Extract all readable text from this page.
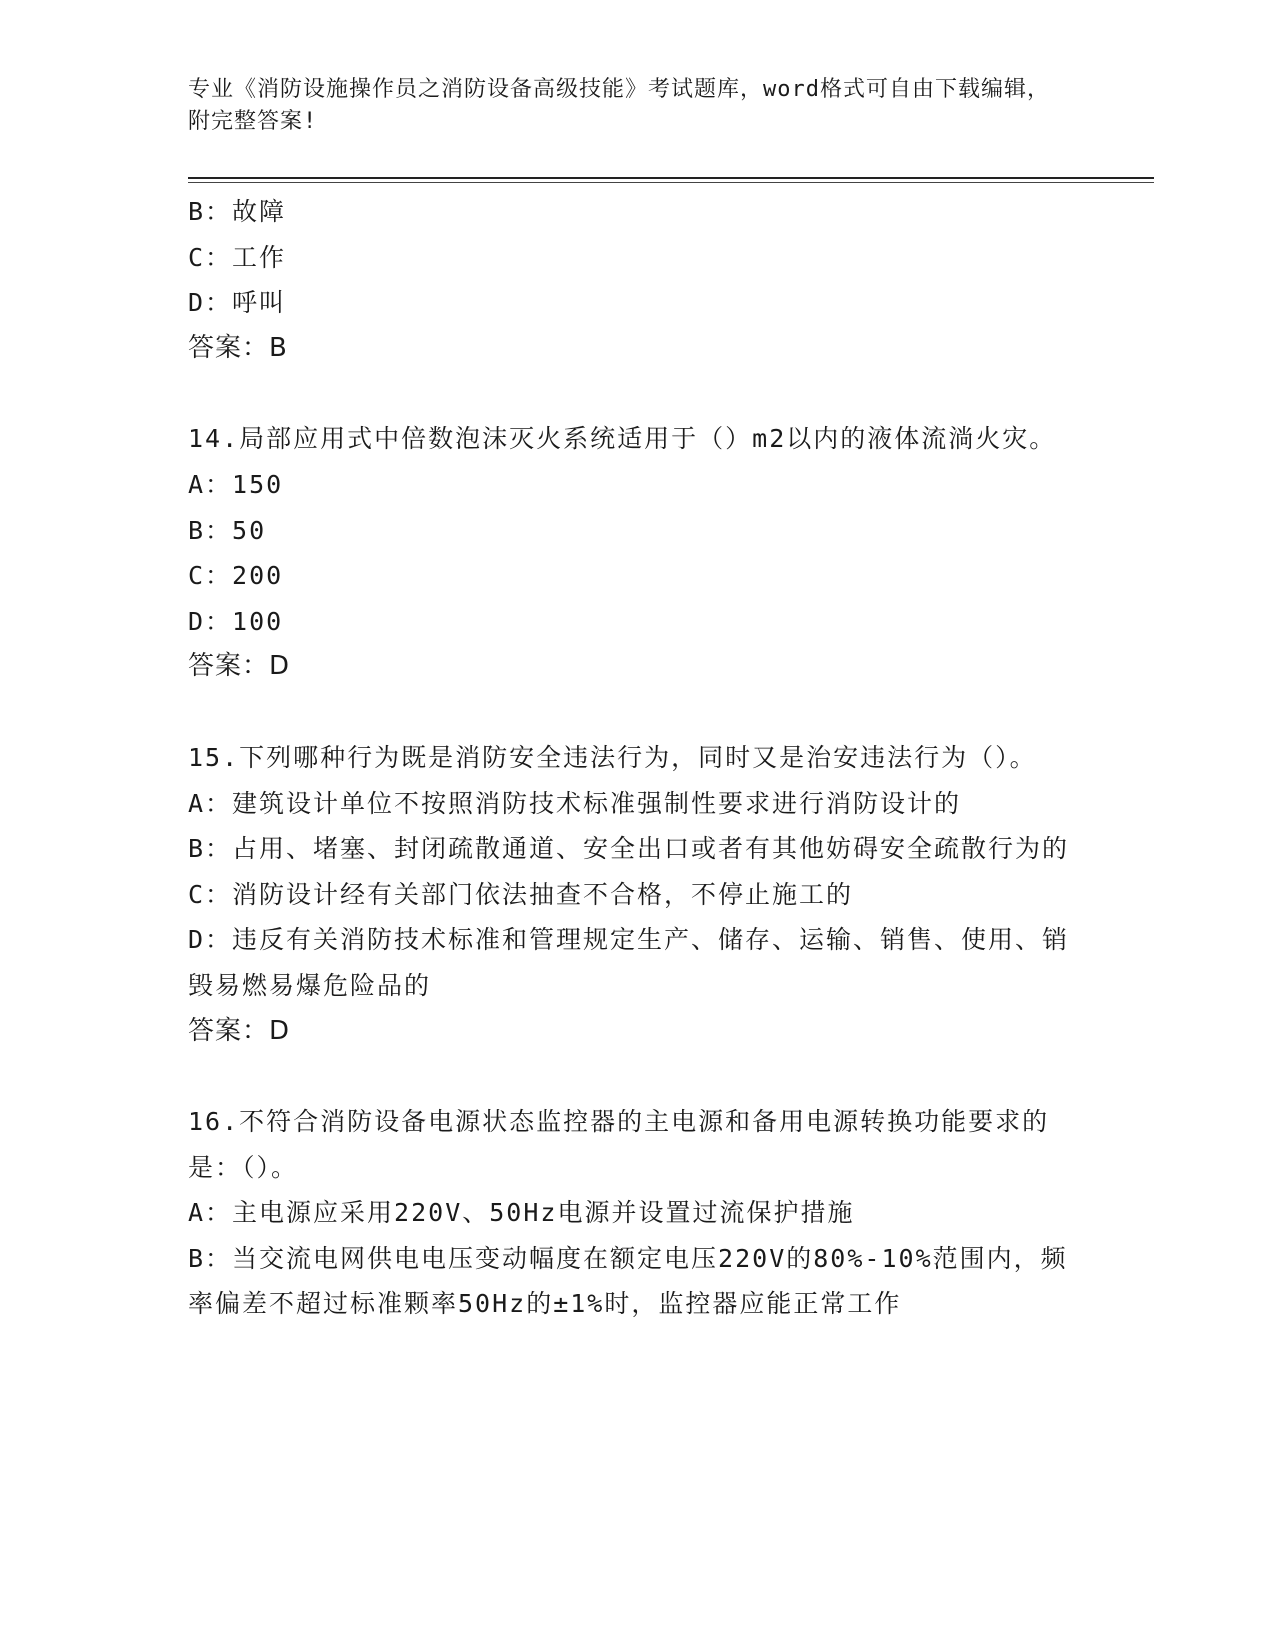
专业《消防设施操作员之消防设备高级技能》考试题库，word格式可自由下载编辑，附完整答案!
B：故障
C：工作
D：呼叫
答案：B
14.局部应用式中倍数泡沫灭火系统适用于（）m2以内的液体流淌火灾。
A：150
B：50
C：200
D：100
答案：D
15.下列哪种行为既是消防安全违法行为，同时又是治安违法行为（）。
A：建筑设计单位不按照消防技术标准强制性要求进行消防设计的
B：占用、堵塞、封闭疏散通道、安全出口或者有其他妨碍安全疏散行为的
C：消防设计经有关部门依法抽查不合格，不停止施工的
D：违反有关消防技术标准和管理规定生产、储存、运输、销售、使用、销毁易燃易爆危险品的
答案：D
16.不符合消防设备电源状态监控器的主电源和备用电源转换功能要求的是：（）。
A：主电源应采用220V、50Hz电源并设置过流保护措施
B：当交流电网供电电压变动幅度在额定电压220V的80%-10%范围内，频率偏差不超过标准颗率50Hz的±1%时，监控器应能正常工作
